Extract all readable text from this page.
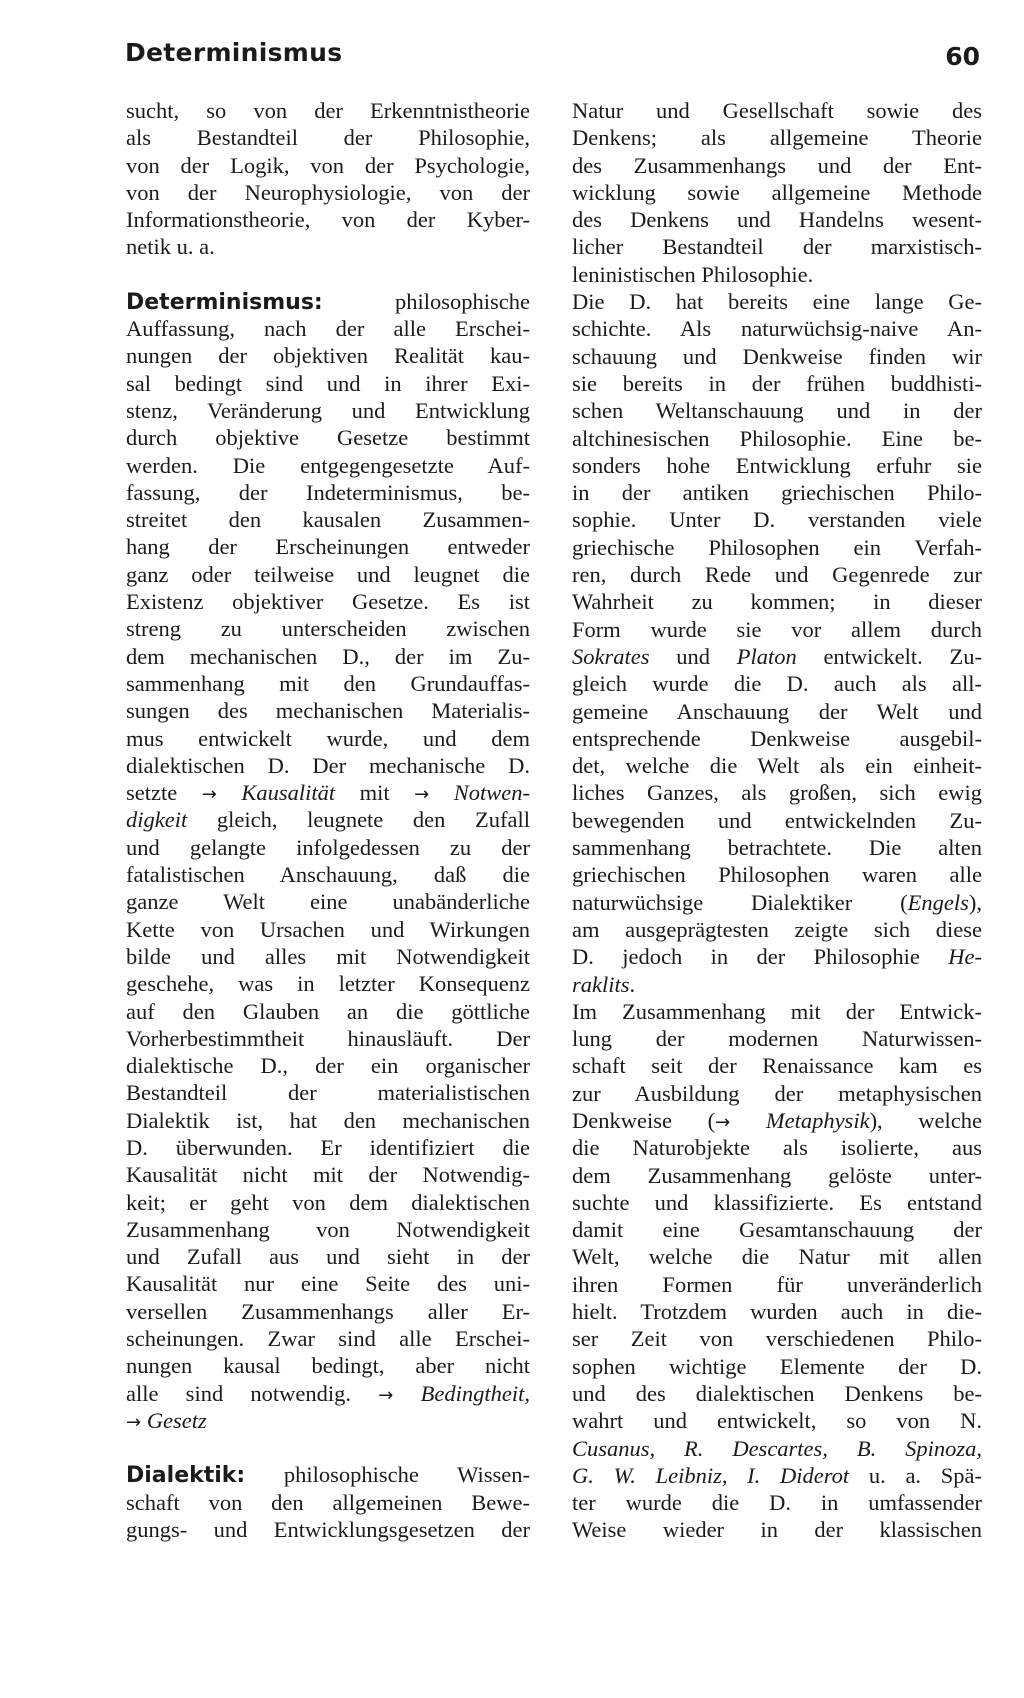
Determinismus	60
sucht, so von der Erkenntnistheorie
als Bestandteil der Philosophie,
von der Logik, von der Psychologie,
von der Neurophysiologie, von der
Informationstheorie, von der Kyber-
netik u. a.
Determinismus: philosophische
Auffassung, nach der alle Erschei-
nungen der objektiven Realität kau-
sal bedingt sind und in ihrer Exi-
stenz, Veränderung und Entwicklung
durch objektive Gesetze bestimmt
werden. Die entgegengesetzte Auf-
fassung, der Indeterminismus, be-
streitet den kausalen Zusammen-
hang der Erscheinungen entweder
ganz oder teilweise und leugnet die
Existenz objektiver Gesetze. Es ist
streng zu unterscheiden zwischen
dem mechanischen D., der im Zu-
sammenhang mit den Grundauffas-
sungen des mechanischen Materialis-
mus entwickelt wurde, und dem
dialektischen D. Der mechanische D.
setzte → Kausalität mit → Notwen-
digkeit gleich, leugnete den Zufall
und gelangte infolgedessen zu der
fatalistischen Anschauung, daß die
ganze Welt eine unabänderliche
Kette von Ursachen und Wirkungen
bilde und alles mit Notwendigkeit
geschehe, was in letzter Konsequenz
auf den Glauben an die göttliche
Vorherbestimmtheit hinausläuft. Der
dialektische D., der ein organischer
Bestandteil der materialistischen
Dialektik ist, hat den mechanischen
D. überwunden. Er identifiziert die
Kausalität nicht mit der Notwendig-
keit; er geht von dem dialektischen
Zusammenhang von Notwendigkeit
und Zufall aus und sieht in der
Kausalität nur eine Seite des uni-
versellen Zusammenhangs aller Er-
scheinungen. Zwar sind alle Erschei-
nungen kausal bedingt, aber nicht
alle sind notwendig. → Bedingtheit,
→ Gesetz
Dialektik: philosophische Wissen-
schaft von den allgemeinen Bewe-
gungs- und Entwicklungsgesetzen der
Natur und Gesellschaft sowie des
Denkens; als allgemeine Theorie
des Zusammenhangs und der Ent-
wicklung sowie allgemeine Methode
des Denkens und Handelns wesent-
licher Bestandteil der marxistisch-
leninistischen Philosophie.
Die D. hat bereits eine lange Ge-
schichte. Als naturwüchsig-naive An-
schauung und Denkweise finden wir
sie bereits in der frühen buddhisti-
schen Weltanschauung und in der
altchinesischen Philosophie. Eine be-
sonders hohe Entwicklung erfuhr sie
in der antiken griechischen Philo-
sophie. Unter D. verstanden viele
griechische Philosophen ein Verfah-
ren, durch Rede und Gegenrede zur
Wahrheit zu kommen; in dieser
Form wurde sie vor allem durch
Sokrates und Platon entwickelt. Zu-
gleich wurde die D. auch als all-
gemeine Anschauung der Welt und
entsprechende Denkweise ausgebil-
det, welche die Welt als ein einheit-
liches Ganzes, als großen, sich ewig
bewegenden und entwickelnden Zu-
sammenhang betrachtete. Die alten
griechischen Philosophen waren alle
naturwüchsige Dialektiker (Engels),
am ausgeprägtesten zeigte sich diese
D. jedoch in der Philosophie He-
raklits.
Im Zusammenhang mit der Entwick-
lung der modernen Naturwissen-
schaft seit der Renaissance kam es
zur Ausbildung der metaphysischen
Denkweise (→ Metaphysik), welche
die Naturobjekte als isolierte, aus
dem Zusammenhang gelöste unter-
suchte und klassifizierte. Es entstand
damit eine Gesamtanschauung der
Welt, welche die Natur mit allen
ihren Formen für unveränderlich
hielt. Trotzdem wurden auch in die-
ser Zeit von verschiedenen Philo-
sophen wichtige Elemente der D.
und des dialektischen Denkens be-
wahrt und entwickelt, so von N.
Cusanus, R. Descartes, B. Spinoza,
G. W. Leibniz, I. Diderot u. a. Spä-
ter wurde die D. in umfassender
Weise wieder in der klassischen
